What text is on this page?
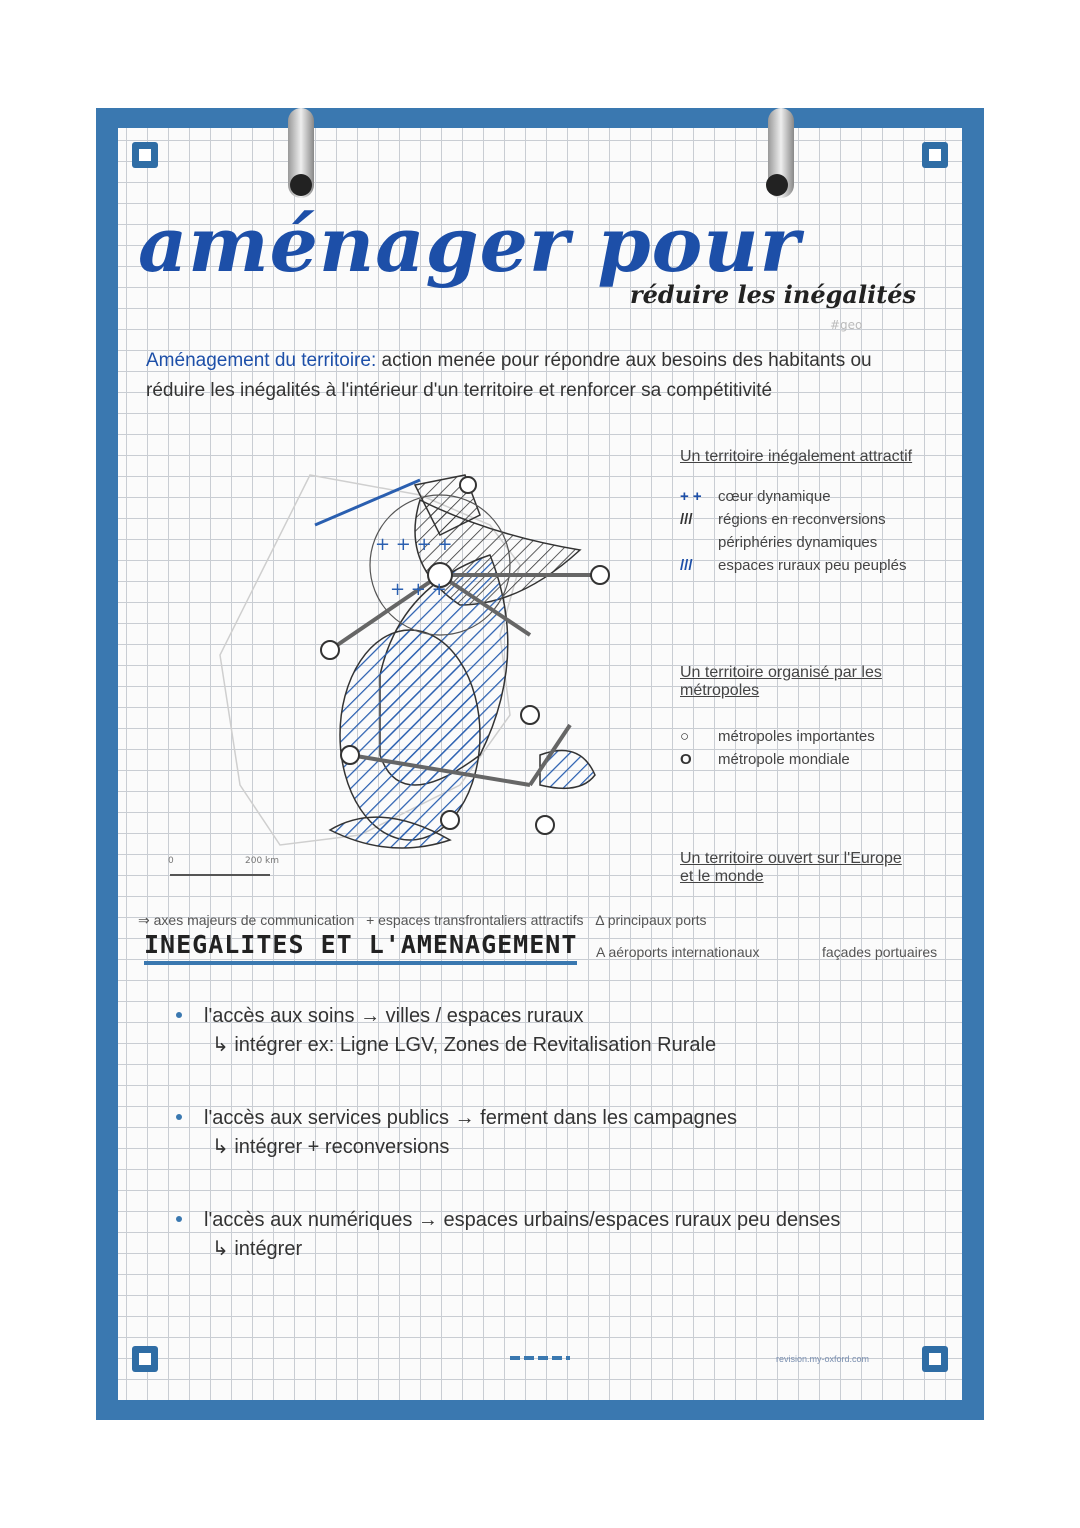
aménager pour
réduire les inégalités
#geo
Aménagement du territoire: action menée pour répondre aux besoins des habitants ou réduire les inégalités à l'intérieur d'un territoire et renforcer sa compétitivité
+ + + +
+ + +
0	200 km
Un territoire inégalement attractif
+ +	cœur dynamique
///	régions en reconversions
périphéries dynamiques
///	espaces ruraux peu peuplés
Un territoire organisé par les métropoles
○	métropoles importantes
O	métropole mondiale
Un territoire ouvert sur l'Europe et le monde
⇒ axes majeurs de communication + espaces transfrontaliers attractifs Δ principaux ports
A aéroports internationaux	façades portuaires
INEGALITES ET L'AMENAGEMENT
l'accès aux soins → villes / espaces ruraux
↳ intégrer ex: Ligne LGV, Zones de Revitalisation Rurale
l'accès aux services publics → ferment dans les campagnes
↳ intégrer + reconversions
l'accès aux numériques → espaces urbains/espaces ruraux peu denses
↳ intégrer
revision.my-oxford.com
